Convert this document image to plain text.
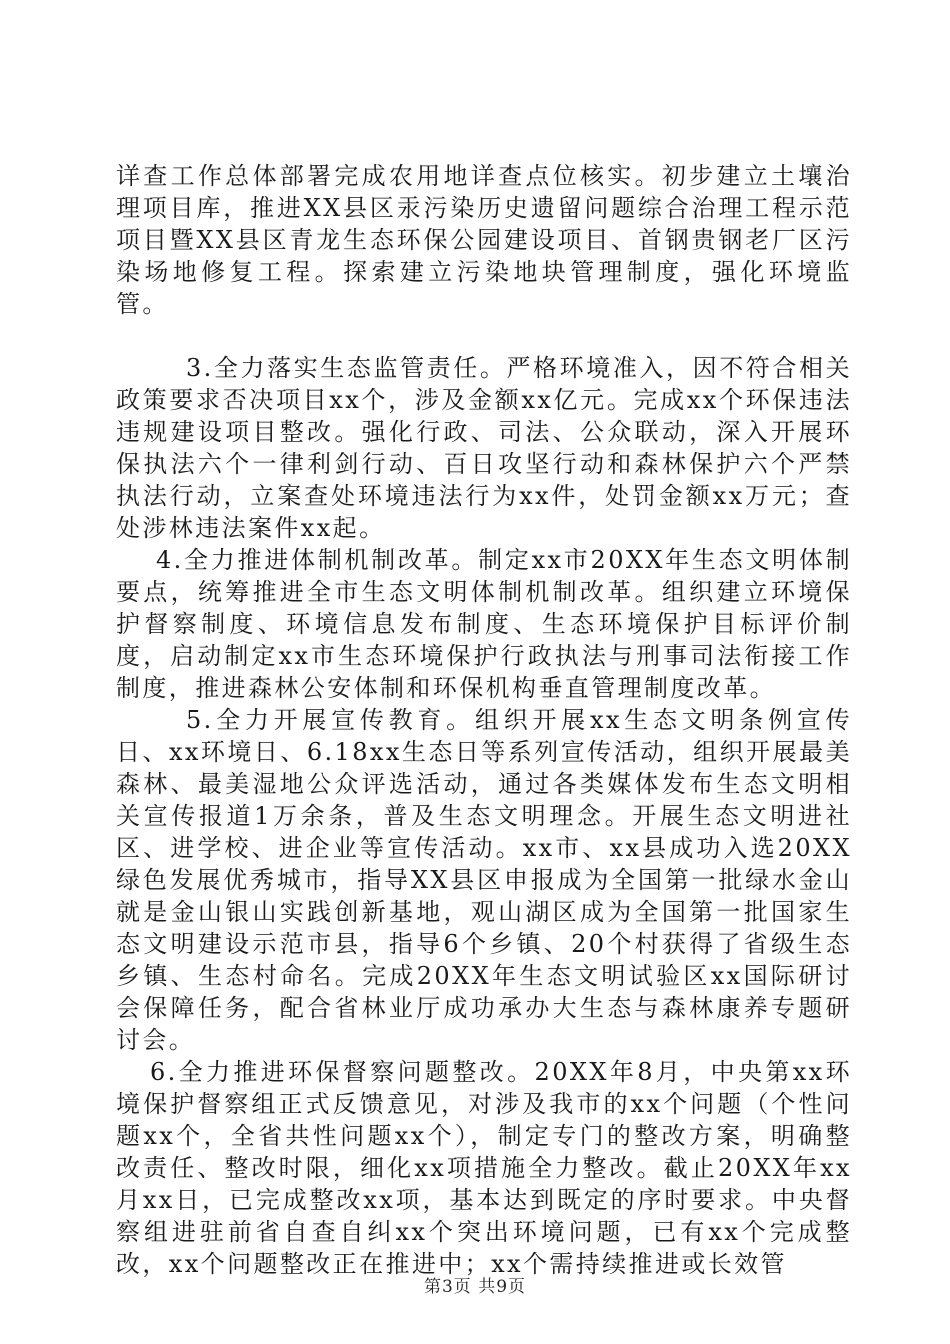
详查工作总体部署完成农用地详查点位核实。初步建立土壤治理项目库，推进XX县区汞污染历史遗留问题综合治理工程示范项目暨XX县区青龙生态环保公园建设项目、首钢贵钢老厂区污染场地修复工程。探索建立污染地块管理制度，强化环境监管。

3.全力落实生态监管责任。严格环境准入，因不符合相关政策要求否决项目xx个，涉及金额xx亿元。完成xx个环保违法违规建设项目整改。强化行政、司法、公众联动，深入开展环保执法六个一律利剑行动、百日攻坚行动和森林保护六个严禁执法行动，立案查处环境违法行为xx件，处罚金额xx万元；查处涉林违法案件xx起。

4.全力推进体制机制改革。制定xx市20XX年生态文明体制要点，统筹推进全市生态文明体制机制改革。组织建立环境保护督察制度、环境信息发布制度、生态环境保护目标评价制度，启动制定xx市生态环境保护行政执法与刑事司法衔接工作制度，推进森林公安体制和环保机构垂直管理制度改革。

5.全力开展宣传教育。组织开展xx生态文明条例宣传日、xx环境日、6.18xx生态日等系列宣传活动，组织开展最美森林、最美湿地公众评选活动，通过各类媒体发布生态文明相关宣传报道1万余条，普及生态文明理念。开展生态文明进社区、进学校、进企业等宣传活动。xx市、xx县成功入选20XX绿色发展优秀城市，指导XX县区申报成为全国第一批绿水金山就是金山银山实践创新基地，观山湖区成为全国第一批国家生态文明建设示范市县，指导6个乡镇、20个村获得了省级生态乡镇、生态村命名。完成20XX年生态文明试验区xx国际研讨会保障任务，配合省林业厅成功承办大生态与森林康养专题研讨会。

6.全力推进环保督察问题整改。20XX年8月，中央第xx环境保护督察组正式反馈意见，对涉及我市的xx个问题（个性问题xx个，全省共性问题xx个），制定专门的整改方案，明确整改责任、整改时限，细化xx项措施全力整改。截止20XX年xx月xx日，已完成整改xx项，基本达到既定的序时要求。中央督察组进驻前省自查自纠xx个突出环境问题，已有xx个完成整改，xx个问题整改正在推进中；xx个需持续推进或长效管

第3页 共9页
